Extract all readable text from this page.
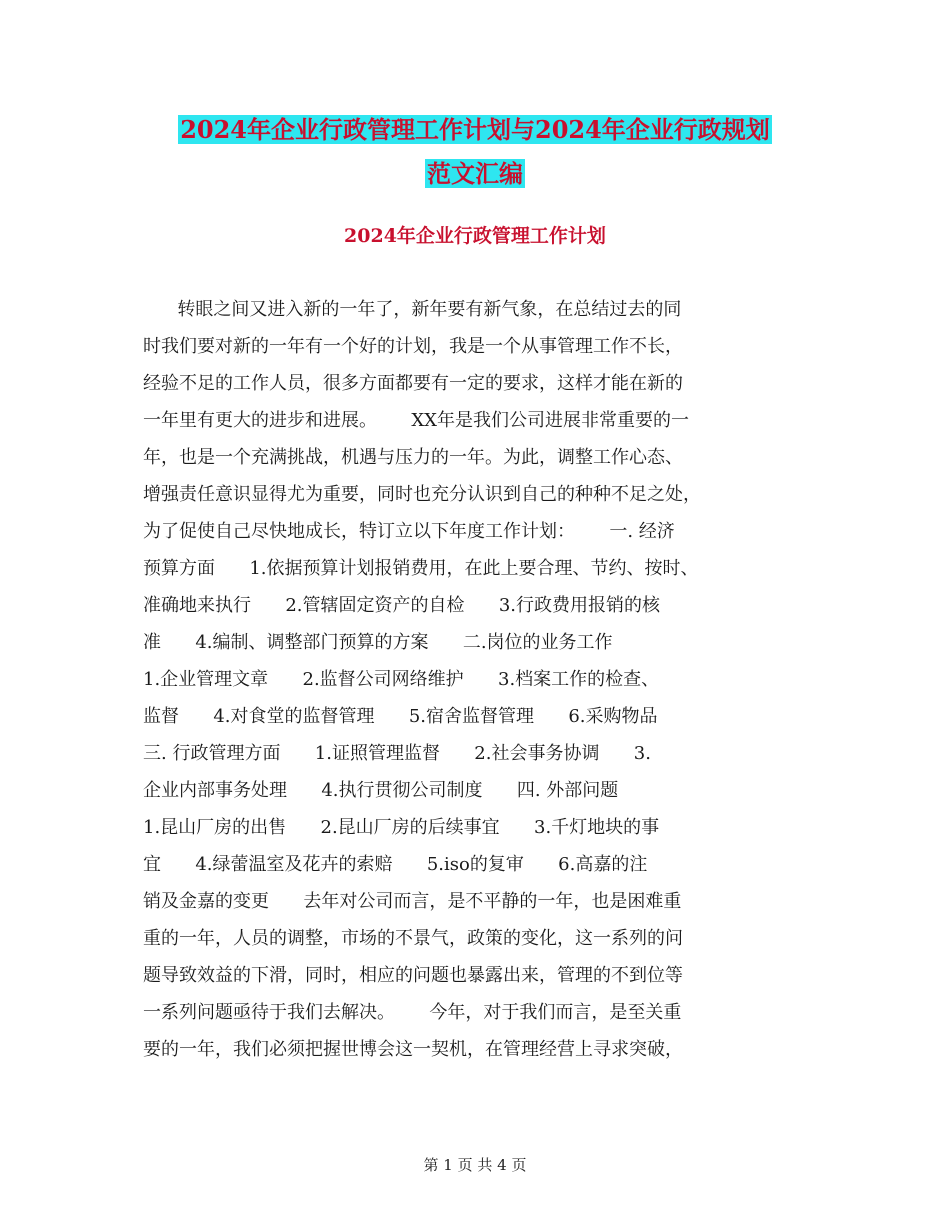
2024年企业行政管理工作计划与2024年企业行政规划
范文汇编
2024年企业行政管理工作计划
转眼之间又进入新的一年了，新年要有新气象，在总结过去的同
时我们要对新的一年有一个好的计划，我是一个从事管理工作不长，
经验不足的工作人员，很多方面都要有一定的要求，这样才能在新的
一年里有更大的进步和进展。      XX年是我们公司进展非常重要的一
年，也是一个充满挑战，机遇与压力的一年。为此，调整工作心态、
增强责任意识显得尤为重要，同时也充分认识到自己的种种不足之处，
为了促使自己尽快地成长，特订立以下年度工作计划：      一. 经济
预算方面      1.依据预算计划报销费用，在此上要合理、节约、按时、
准确地来执行      2.管辖固定资产的自检      3.行政费用报销的核
准      4.编制、调整部门预算的方案      二.岗位的业务工作
1.企业管理文章      2.监督公司网络维护      3.档案工作的检查、
监督      4.对食堂的监督管理      5.宿舍监督管理      6.采购物品
三. 行政管理方面      1.证照管理监督      2.社会事务协调      3.
企业内部事务处理      4.执行贯彻公司制度      四. 外部问题
1.昆山厂房的出售      2.昆山厂房的后续事宜      3.千灯地块的事
宜      4.绿蕾温室及花卉的索赔      5.iso的复审      6.高嘉的注
销及金嘉的变更      去年对公司而言，是不平静的一年，也是困难重
重的一年，人员的调整，市场的不景气，政策的变化，这一系列的问
题导致效益的下滑，同时，相应的问题也暴露出来，管理的不到位等
一系列问题亟待于我们去解决。      今年，对于我们而言，是至关重
要的一年，我们必须把握世博会这一契机，在管理经营上寻求突破，
第 1 页 共 4 页
